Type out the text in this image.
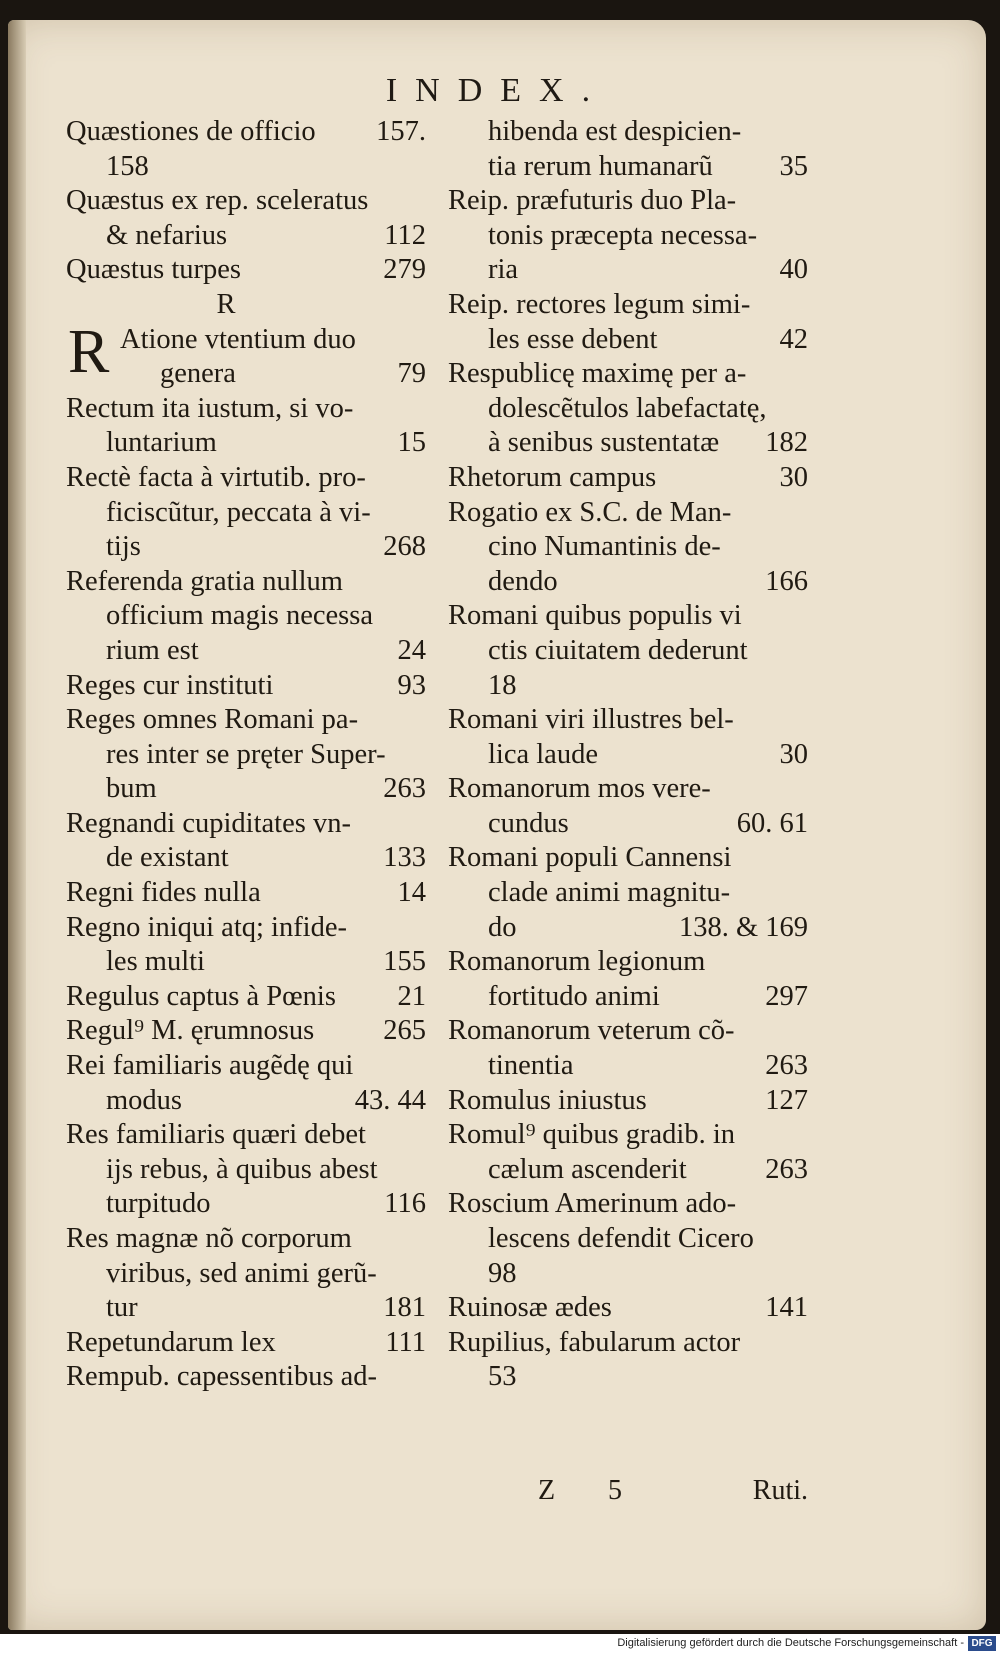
INDEX.
Quæstiones de officio 157.
158
Quæstus ex rep. sceleratus
& nefarius	112
Quæstus turpes	279
R
R Atione vtentium duo
genera	79
Rectum ita iustum, si vo-
luntarium	15
Rectè facta à virtutib. pro-
ficiscũtur, peccata à vi-
tijs	268
Referenda gratia nullum
officium magis necessa
rium est	24
Reges cur instituti	93
Reges omnes Romani pa-
res inter se pręter Super-
bum	263
Regnandi cupiditates vn-
de existant	133
Regni fides nulla	14
Regno iniqui atq; infide-
les multi	155
Regulus captus à Pœnis 21
Regul⁹ M. ęrumnosus 265
Rei familiaris augẽdę qui
modus	43. 44
Res familiaris quæri debet
ijs rebus, à quibus abest
turpitudo	116
Res magnæ nõ corporum
viribus, sed animi gerũ-
tur	181
Repetundarum lex	111
Rempub. capessentibus ad-
hibenda est despicien-
tia rerum humanarũ 35
Reip. præfuturis duo Pla-
tonis præcepta necessa-
ria	40
Reip. rectores legum simi-
les esse debent	42
Respublicę maximę per a-
dolescẽtulos labefactatę,
à senibus sustentatæ 182
Rhetorum campus	30
Rogatio ex S.C. de Man-
cino Numantinis de-
dendo	166
Romani quibus populis vi
ctis ciuitatem dederunt
18
Romani viri illustres bel-
lica laude	30
Romanorum mos vere-
cundus	60. 61
Romani populi Cannensi
clade animi magnitu-
do	138. & 169
Romanorum legionum
fortitudo animi	297
Romanorum veterum cõ-
tinentia	263
Romulus iniustus	127
Romul⁹ quibus gradib. in
cælum ascenderit	263
Roscium Amerinum ado-
lescens defendit Cicero
98
Ruinosæ ædes	141
Rupilius, fabularum actor
53
Z 5	Ruti.
Digitalisierung gefördert durch die Deutsche Forschungsgemeinschaft - DFG
